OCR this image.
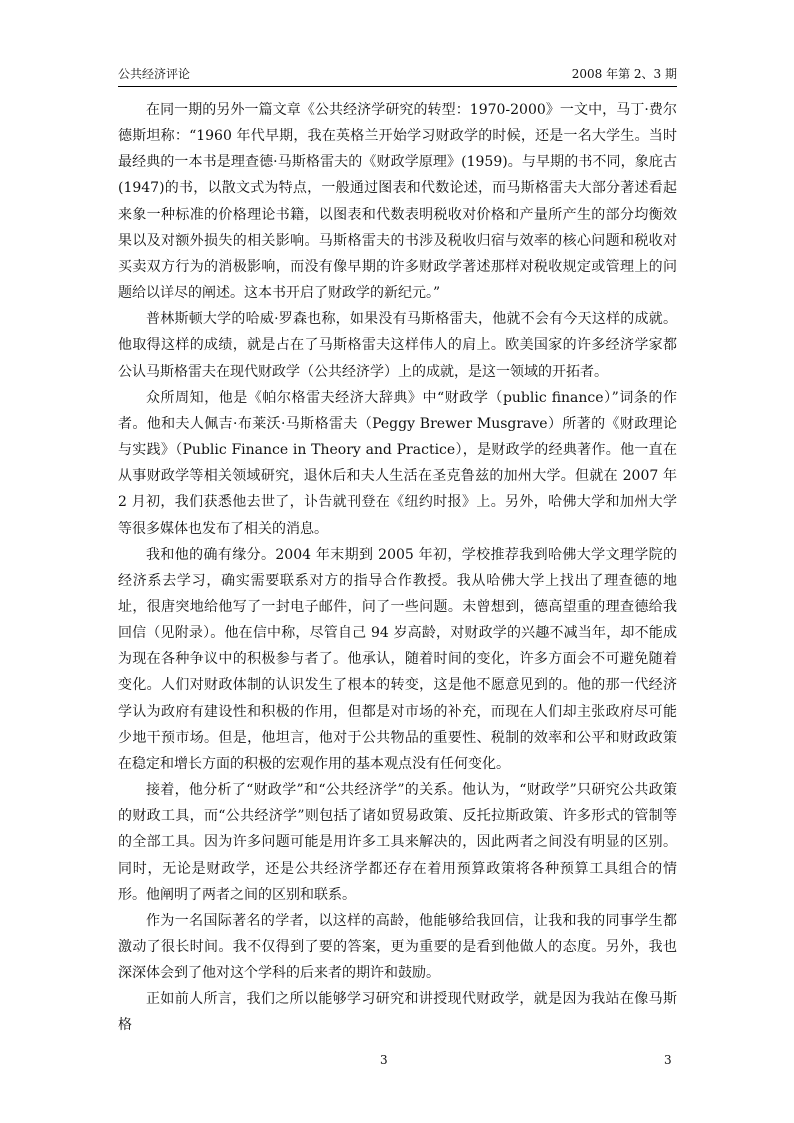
公共经济评论	2008 年第 2、3 期

在同一期的另外一篇文章《公共经济学研究的转型：1970-2000》一文中，马丁·费尔德斯坦称：“1960 年代早期，我在英格兰开始学习财政学的时候，还是一名大学生。当时最经典的一本书是理查德·马斯格雷夫的《财政学原理》(1959)。与早期的书不同，象庇古(1947)的书，以散文式为特点，一般通过图表和代数论述，而马斯格雷夫大部分著述看起来象一种标准的价格理论书籍，以图表和代数表明税收对价格和产量所产生的部分均衡效果以及对额外损失的相关影响。马斯格雷夫的书涉及税收归宿与效率的核心问题和税收对买卖双方行为的消极影响，而没有像早期的许多财政学著述那样对税收规定或管理上的问题给以详尽的阐述。这本书开启了财政学的新纪元。”

普林斯顿大学的哈威·罗森也称，如果没有马斯格雷夫，他就不会有今天这样的成就。他取得这样的成绩，就是占在了马斯格雷夫这样伟人的肩上。欧美国家的许多经济学家都公认马斯格雷夫在现代财政学（公共经济学）上的成就，是这一领域的开拓者。

众所周知，他是《帕尔格雷夫经济大辞典》中“财政学（public finance）”词条的作者。他和夫人佩吉·布莱沃·马斯格雷夫（Peggy Brewer Musgrave）所著的《财政理论与实践》（Public Finance in Theory and Practice），是财政学的经典著作。他一直在从事财政学等相关领域研究，退休后和夫人生活在圣克鲁兹的加州大学。但就在 2007 年 2 月初，我们获悉他去世了，讣告就刊登在《纽约时报》上。另外，哈佛大学和加州大学等很多媒体也发布了相关的消息。

我和他的确有缘分。2004 年末期到 2005 年初，学校推荐我到哈佛大学文理学院的经济系去学习，确实需要联系对方的指导合作教授。我从哈佛大学上找出了理查德的地址，很唐突地给他写了一封电子邮件，问了一些问题。未曾想到，德高望重的理查德给我回信（见附录）。他在信中称，尽管自己 94 岁高龄，对财政学的兴趣不减当年，却不能成为现在各种争议中的积极参与者了。他承认，随着时间的变化，许多方面会不可避免随着变化。人们对财政体制的认识发生了根本的转变，这是他不愿意见到的。他的那一代经济学认为政府有建设性和积极的作用，但都是对市场的补充，而现在人们却主张政府尽可能少地干预市场。但是，他坦言，他对于公共物品的重要性、税制的效率和公平和财政政策在稳定和增长方面的积极的宏观作用的基本观点没有任何变化。

接着，他分析了“财政学”和“公共经济学”的关系。他认为，“财政学”只研究公共政策的财政工具，而“公共经济学”则包括了诸如贸易政策、反托拉斯政策、许多形式的管制等的全部工具。因为许多问题可能是用许多工具来解决的，因此两者之间没有明显的区别。同时，无论是财政学，还是公共经济学都还存在着用预算政策将各种预算工具组合的情形。他阐明了两者之间的区别和联系。

作为一名国际著名的学者，以这样的高龄，他能够给我回信，让我和我的同事学生都激动了很长时间。我不仅得到了要的答案，更为重要的是看到他做人的态度。另外，我也深深体会到了他对这个学科的后来者的期许和鼓励。

正如前人所言，我们之所以能够学习研究和讲授现代财政学，就是因为我站在像马斯格

3	3
